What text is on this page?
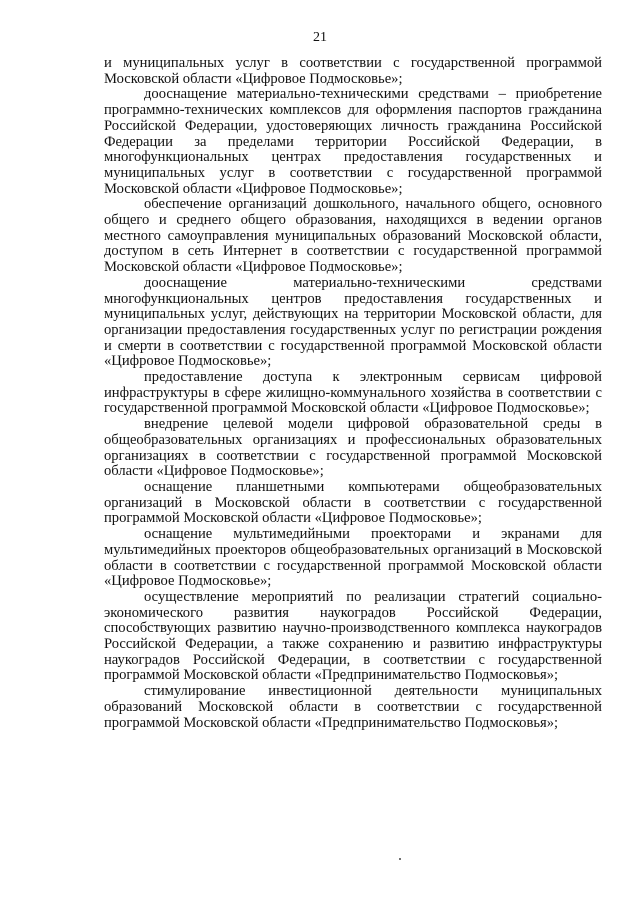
21

и муниципальных услуг в соответствии с государственной программой Московской области «Цифровое Подмосковье»;

дооснащение материально-техническими средствами – приобретение программно-технических комплексов для оформления паспортов гражданина Российской Федерации, удостоверяющих личность гражданина Российской Федерации за пределами территории Российской Федерации, в многофункциональных центрах предоставления государственных и муниципальных услуг в соответствии с государственной программой Московской области «Цифровое Подмосковье»;

обеспечение организаций дошкольного, начального общего, основного общего и среднего общего образования, находящихся в ведении органов местного самоуправления муниципальных образований Московской области, доступом в сеть Интернет в соответствии с государственной программой Московской области «Цифровое Подмосковье»;

дооснащение материально-техническими средствами многофункциональных центров предоставления государственных и муниципальных услуг, действующих на территории Московской области, для организации предоставления государственных услуг по регистрации рождения и смерти в соответствии с государственной программой Московской области «Цифровое Подмосковье»;

предоставление доступа к электронным сервисам цифровой инфраструктуры в сфере жилищно-коммунального хозяйства в соответствии с государственной программой Московской области «Цифровое Подмосковье»;

внедрение целевой модели цифровой образовательной среды в общеобразовательных организациях и профессиональных образовательных организациях в соответствии с государственной программой Московской области «Цифровое Подмосковье»;

оснащение планшетными компьютерами общеобразовательных организаций в Московской области в соответствии с государственной программой Московской области «Цифровое Подмосковье»;

оснащение мультимедийными проекторами и экранами для мультимедийных проекторов общеобразовательных организаций в Московской области в соответствии с государственной программой Московской области «Цифровое Подмосковье»;

осуществление мероприятий по реализации стратегий социально-экономического развития наукоградов Российской Федерации, способствующих развитию научно-производственного комплекса наукоградов Российской Федерации, а также сохранению и развитию инфраструктуры наукоградов Российской Федерации, в соответствии с государственной программой Московской области «Предпринимательство Подмосковья»;

стимулирование инвестиционной деятельности муниципальных образований Московской области в соответствии с государственной программой Московской области «Предпринимательство Подмосковья»;
